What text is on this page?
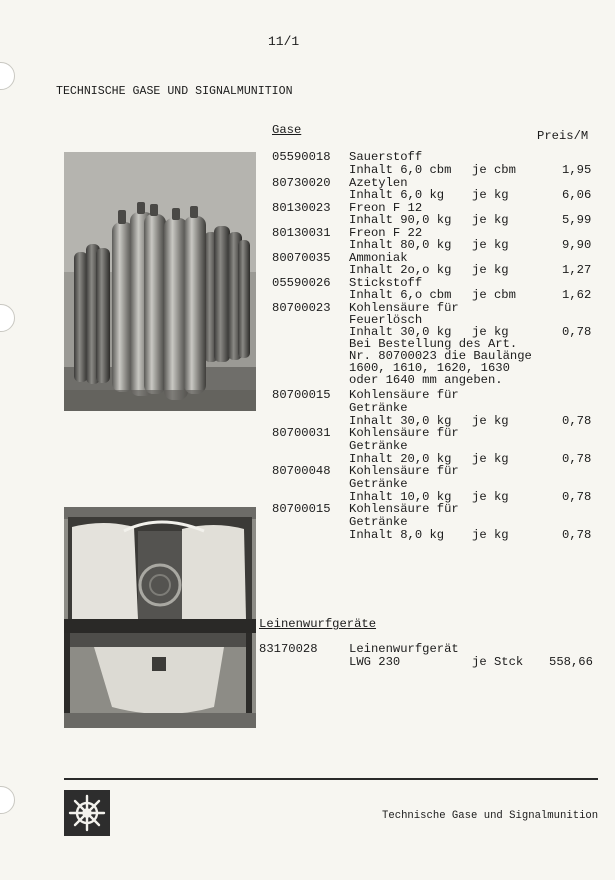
11/1
TECHNISCHE GASE UND SIGNALMUNITION
Gase	Preis/M
05590018 Sauerstoff
Inhalt 6,0 cbm je cbm	1,95
80730020 Azetylen
Inhalt 6,0 kg je kg	6,06
80130023 Freon F 12
Inhalt 90,0 kg je kg	5,99
80130031 Freon F 22
Inhalt 80,0 kg je kg	9,90
80070035 Ammoniak
Inhalt 2o,o kg je kg	1,27
05590026 Stickstoff
Inhalt 6,o cbm je cbm	1,62
80700023 Kohlensäure für
Feuerlösch
Inhalt 30,0 kg je kg	0,78
Bei Bestellung des Art.
Nr. 80700023 die Baulänge
1600, 1610, 1620, 1630
oder 1640 mm angeben.
80700015 Kohlensäure für
Getränke
Inhalt 30,0 kg je kg	0,78
80700031 Kohlensäure für
Getränke
Inhalt 20,0 kg je kg	0,78
80700048 Kohlensäure für
Getränke
Inhalt 10,0 kg je kg	0,78
80700015 Kohlensäure für
Getränke
Inhalt 8,0 kg je kg	0,78
Leinenwurfgeräte
83170028	Leinenwurfgerät
LWG 230	je Stck 558,66
Technische Gase und Signalmunition
